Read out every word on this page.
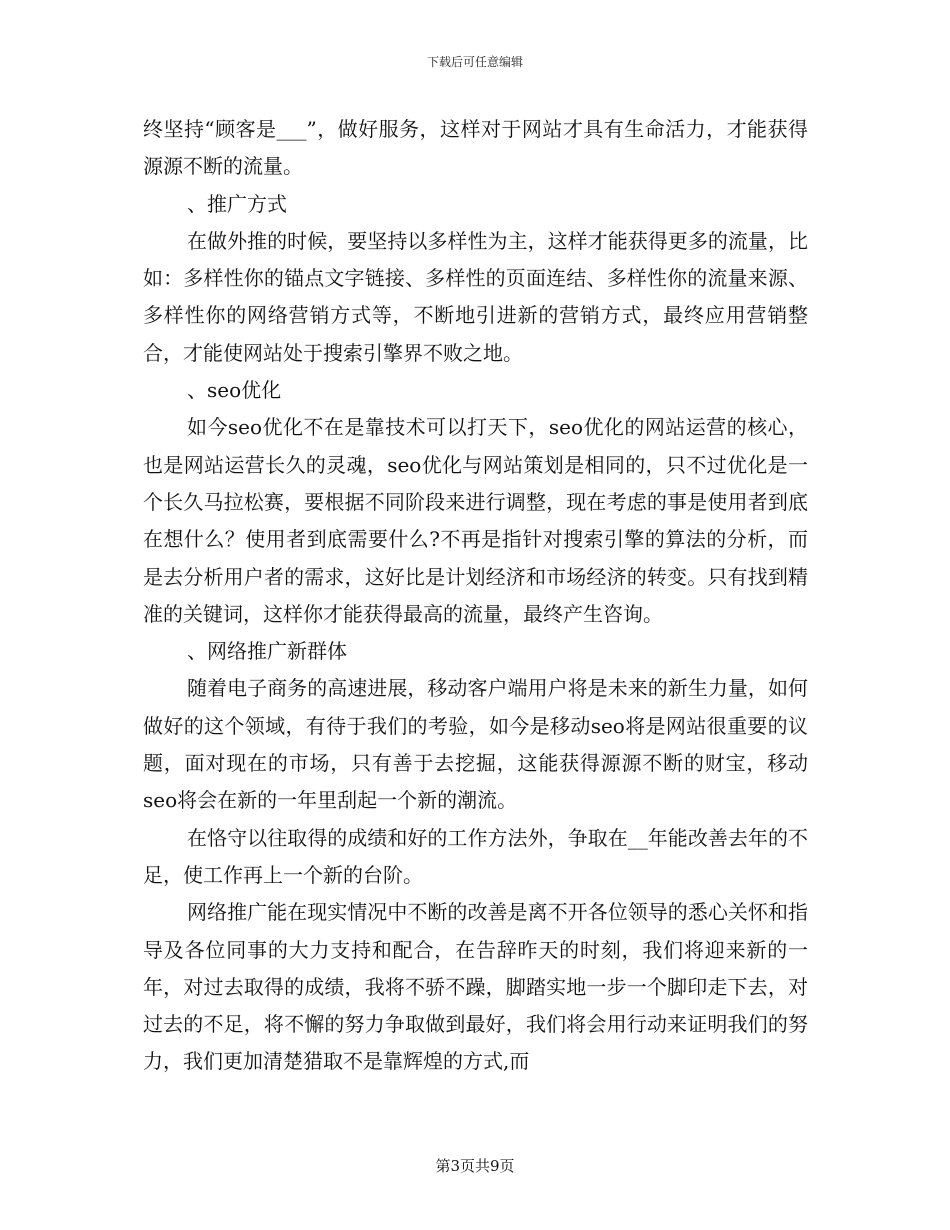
下载后可任意编辑

终坚持“顾客是___”，做好服务，这样对于网站才具有生命活力，才能获得源源不断的流量。

、推广方式

在做外推的时候，要坚持以多样性为主，这样才能获得更多的流量，比如：多样性你的锚点文字链接、多样性的页面连结、多样性你的流量来源、多样性你的网络营销方式等，不断地引进新的营销方式，最终应用营销整合，才能使网站处于搜索引擎界不败之地。

、seo优化

如今seo优化不在是靠技术可以打天下，seo优化的网站运营的核心，也是网站运营长久的灵魂，seo优化与网站策划是相同的，只不过优化是一个长久马拉松赛，要根据不同阶段来进行调整，现在考虑的事是使用者到底在想什么？使用者到底需要什么?不再是指针对搜索引擎的算法的分析，而是去分析用户者的需求，这好比是计划经济和市场经济的转变。只有找到精准的关键词，这样你才能获得最高的流量，最终产生咨询。

、网络推广新群体

随着电子商务的高速进展，移动客户端用户将是未来的新生力量，如何做好的这个领域，有待于我们的考验，如今是移动seo将是网站很重要的议题，面对现在的市场，只有善于去挖掘，这能获得源源不断的财宝，移动seo将会在新的一年里刮起一个新的潮流。

在恪守以往取得的成绩和好的工作方法外，争取在__年能改善去年的不足，使工作再上一个新的台阶。

网络推广能在现实情况中不断的改善是离不开各位领导的悉心关怀和指导及各位同事的大力支持和配合，在告辞昨天的时刻，我们将迎来新的一年，对过去取得的成绩，我将不骄不躁，脚踏实地一步一个脚印走下去，对过去的不足，将不懈的努力争取做到最好，我们将会用行动来证明我们的努力，我们更加清楚猎取不是靠辉煌的方式,而

第3页共9页
